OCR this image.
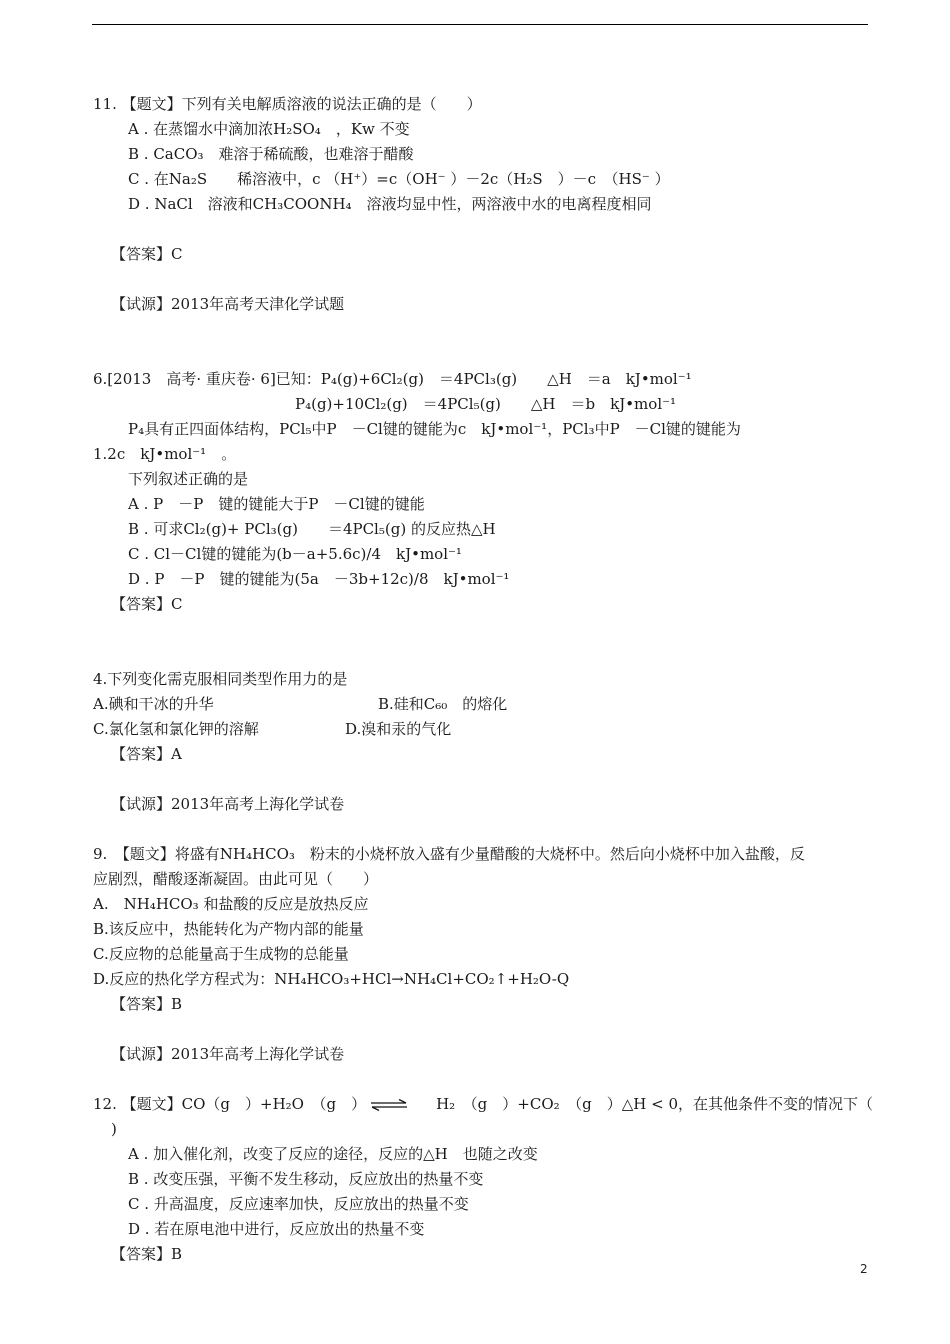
11. 【题文】下列有关电解质溶液的说法正确的是（　　）
A . 在蒸馏水中滴加浓H₂SO₄　，Kw 不变
B . CaCO₃　难溶于稀硫酸，也难溶于醋酸
C . 在Na₂S　　稀溶液中，c （H⁺）=c（OH⁻ ）－2c（H₂S　）－c　（HS⁻ ）
D . NaCl　溶液和CH₃COONH₄　溶液均显中性，两溶液中水的电离程度相同
【答案】C
【试源】2013年高考天津化学试题
6.[2013　高考· 重庆卷· 6]已知：P₄(g)+6Cl₂(g)　＝4PCl₃(g)　　△H　＝a　kJ•mol⁻¹
P₄(g)+10Cl₂(g)　＝4PCl₅(g)　　△H　＝b　kJ•mol⁻¹
P₄具有正四面体结构，PCl₅中P　－Cl键的键能为c　kJ•mol⁻¹，PCl₃中P　－Cl键的键能为
1.2c　kJ•mol⁻¹　。
下列叙述正确的是
A . P　－P　键的键能大于P　－Cl键的键能
B . 可求Cl₂(g)+ PCl₃(g)　　＝4PCl₅(g) 的反应热△H
C . Cl－Cl键的键能为(b－a+5.6c)/4　kJ•mol⁻¹
D . P　－P　键的键能为(5a　－3b+12c)/8　kJ•mol⁻¹
【答案】C
4.下列变化需克服相同类型作用力的是
A.碘和干冰的升华	B.硅和C₆₀　的熔化
C.氯化氢和氯化钾的溶解	D.溴和汞的气化
【答案】A
【试源】2013年高考上海化学试卷
9.　【题文】将盛有NH₄HCO₃　粉末的小烧杯放入盛有少量醋酸的大烧杯中。然后向小烧杯中加入盐酸，反
应剧烈，醋酸逐渐凝固。由此可见（　　）
A.　NH₄HCO₃ 和盐酸的反应是放热反应
B.该反应中，热能转化为产物内部的能量
C.反应物的总能量高于生成物的总能量
D.反应的热化学方程式为：NH₄HCO₃+HCl→NH₄Cl+CO₂↑+H₂O-Q
【答案】B
【试源】2013年高考上海化学试卷
12. 【题文】CO（g　）+H₂O　（g　） ⇌ H₂　（g　）+CO₂　（g　）△H < 0，在其他条件不变的情况下（
)
A . 加入催化剂，改变了反应的途径，反应的△H　也随之改变
B . 改变压强，平衡不发生移动，反应放出的热量不变
C . 升高温度，反应速率加快，反应放出的热量不变
D . 若在原电池中进行，反应放出的热量不变
【答案】B
2
